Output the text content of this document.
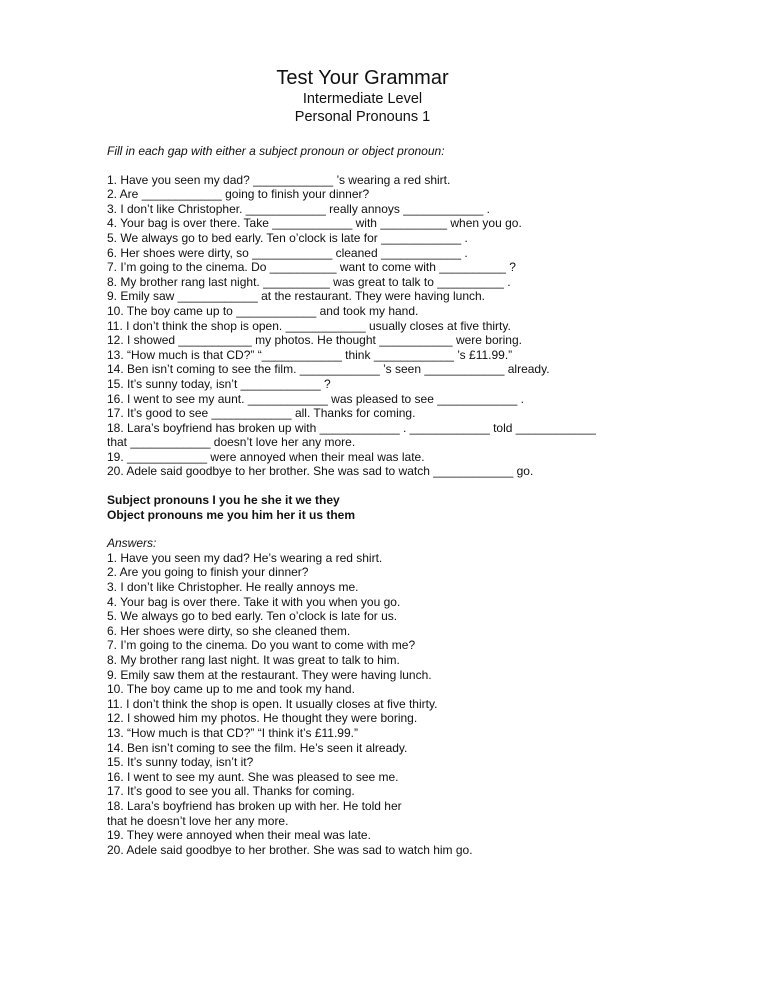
Test Your Grammar
Intermediate Level
Personal Pronouns 1
Fill in each gap with either a subject pronoun or object pronoun:
1. Have you seen my dad? ____________ ’s wearing a red shirt.
2. Are ____________ going to finish your dinner?
3. I don’t like Christopher. ____________ really annoys ____________ .
4. Your bag is over there. Take ____________ with __________ when you go.
5. We always go to bed early. Ten o’clock is late for ____________ .
6. Her shoes were dirty, so ____________ cleaned ____________ .
7. I’m going to the cinema. Do __________ want to come with __________ ?
8. My brother rang last night. __________ was great to talk to __________ .
9. Emily saw ____________ at the restaurant. They were having lunch.
10. The boy came up to ____________ and took my hand.
11. I don’t think the shop is open. ____________ usually closes at five thirty.
12. I showed ___________ my photos. He thought ___________ were boring.
13. “How much is that CD?” “____________ think ____________ ’s £11.99.”
14. Ben isn’t coming to see the film. ____________ ’s seen ____________ already.
15. It’s sunny today, isn’t ____________ ?
16. I went to see my aunt. ____________ was pleased to see ____________ .
17. It’s good to see ____________ all. Thanks for coming.
18. Lara’s boyfriend has broken up with ____________ . ____________ told ____________
that ____________ doesn’t love her any more.
19. ____________ were annoyed when their meal was late.
20. Adele said goodbye to her brother. She was sad to watch ____________ go.
Subject pronouns I you he she it we they
Object pronouns me you him her it us them
Answers:
1. Have you seen my dad? He’s wearing a red shirt.
2. Are you going to finish your dinner?
3. I don’t like Christopher. He really annoys me.
4. Your bag is over there. Take it with you when you go.
5. We always go to bed early. Ten o’clock is late for us.
6. Her shoes were dirty, so she cleaned them.
7. I’m going to the cinema. Do you want to come with me?
8. My brother rang last night. It was great to talk to him.
9. Emily saw them at the restaurant. They were having lunch.
10. The boy came up to me and took my hand.
11. I don’t think the shop is open. It usually closes at five thirty.
12. I showed him my photos. He thought they were boring.
13. “How much is that CD?” “I think it’s £11.99.”
14. Ben isn’t coming to see the film. He’s seen it already.
15. It’s sunny today, isn’t it?
16. I went to see my aunt. She was pleased to see me.
17. It’s good to see you all. Thanks for coming.
18. Lara’s boyfriend has broken up with her. He told her
that he doesn’t love her any more.
19. They were annoyed when their meal was late.
20. Adele said goodbye to her brother. She was sad to watch him go.
